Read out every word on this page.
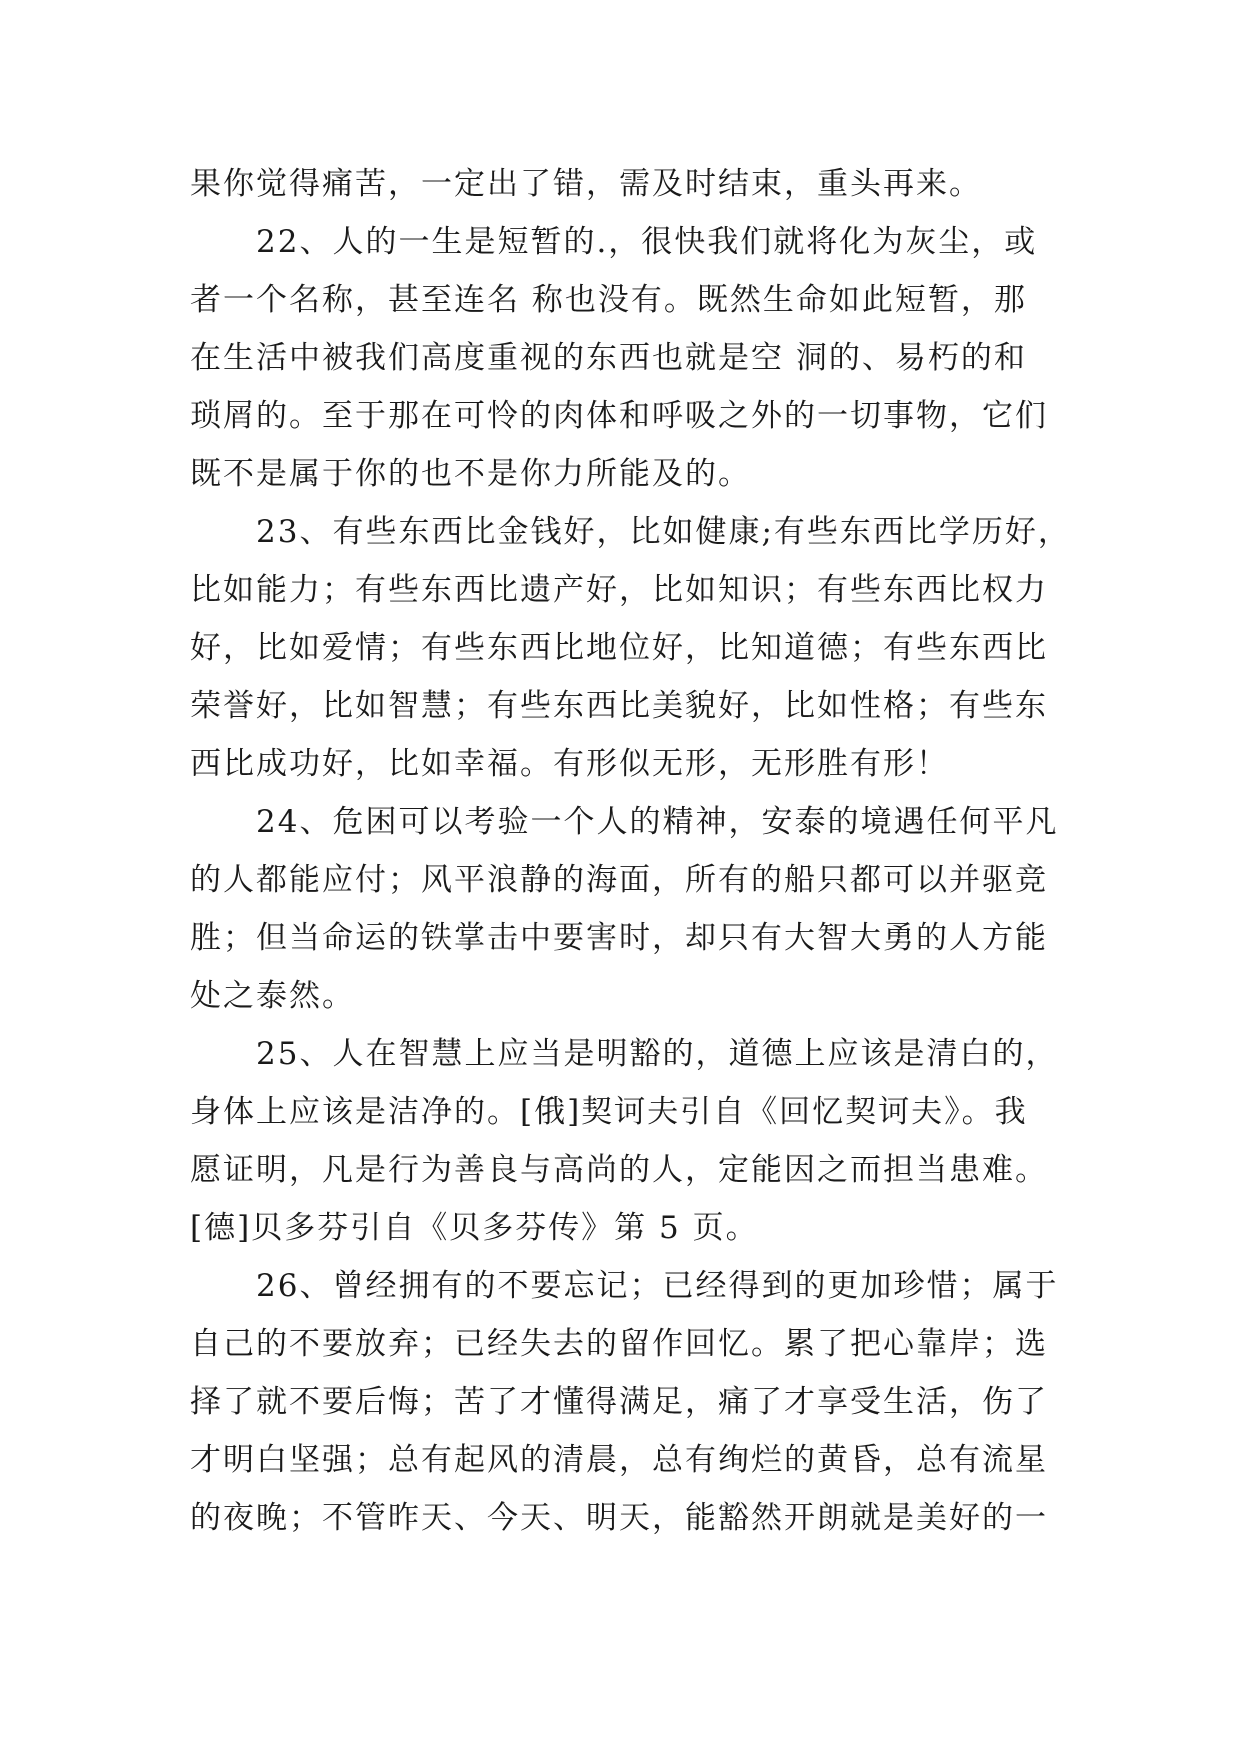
果你觉得痛苦，一定出了错，需及时结束，重头再来。
　　22、人的一生是短暂的.，很快我们就将化为灰尘，或
者一个名称，甚至连名 称也没有。既然生命如此短暂，那
在生活中被我们高度重视的东西也就是空 洞的、易朽的和
琐屑的。至于那在可怜的肉体和呼吸之外的一切事物，它们
既不是属于你的也不是你力所能及的。
　　23、有些东西比金钱好，比如健康;有些东西比学历好，
比如能力；有些东西比遗产好，比如知识；有些东西比权力
好，比如爱情；有些东西比地位好，比知道德；有些东西比
荣誉好，比如智慧；有些东西比美貌好，比如性格；有些东
西比成功好，比如幸福。有形似无形，无形胜有形！
　　24、危困可以考验一个人的精神，安泰的境遇任何平凡
的人都能应付；风平浪静的海面，所有的船只都可以并驱竞
胜；但当命运的铁掌击中要害时，却只有大智大勇的人方能
处之泰然。
　　25、人在智慧上应当是明豁的，道德上应该是清白的，
身体上应该是洁净的。[俄]契诃夫引自《回忆契诃夫》。我
愿证明，凡是行为善良与高尚的人，定能因之而担当患难。
[德]贝多芬引自《贝多芬传》第 5 页。
　　26、曾经拥有的不要忘记；已经得到的更加珍惜；属于
自己的不要放弃；已经失去的留作回忆。累了把心靠岸；选
择了就不要后悔；苦了才懂得满足，痛了才享受生活，伤了
才明白坚强；总有起风的清晨，总有绚烂的黄昏，总有流星
的夜晚；不管昨天、今天、明天，能豁然开朗就是美好的一
